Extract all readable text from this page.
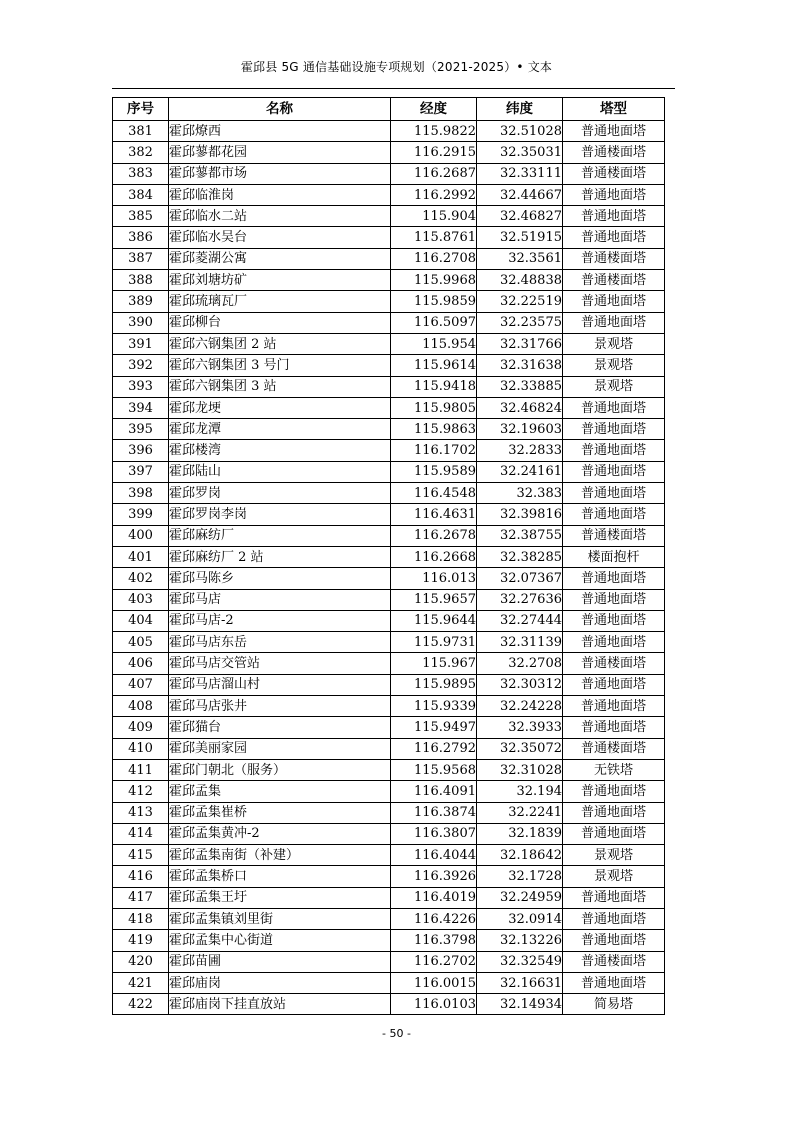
霍邱县 5G 通信基础设施专项规划（2021-2025）• 文本
序号	名称	经度	纬度	塔型
381	霍邱燎西	115.9822	32.51028	普通地面塔
382	霍邱蓼都花园	116.2915	32.35031	普通楼面塔
383	霍邱蓼都市场	116.2687	32.33111	普通楼面塔
384	霍邱临淮岗	116.2992	32.44667	普通地面塔
385	霍邱临水二站	115.904	32.46827	普通地面塔
386	霍邱临水吴台	115.8761	32.51915	普通地面塔
387	霍邱菱湖公寓	116.2708	32.3561	普通楼面塔
388	霍邱刘塘坊矿	115.9968	32.48838	普通楼面塔
389	霍邱琉璃瓦厂	115.9859	32.22519	普通地面塔
390	霍邱柳台	116.5097	32.23575	普通地面塔
391	霍邱六钢集团 2 站	115.954	32.31766	景观塔
392	霍邱六钢集团 3 号门	115.9614	32.31638	景观塔
393	霍邱六钢集团 3 站	115.9418	32.33885	景观塔
394	霍邱龙埂	115.9805	32.46824	普通地面塔
395	霍邱龙潭	115.9863	32.19603	普通地面塔
396	霍邱楼湾	116.1702	32.2833	普通地面塔
397	霍邱陆山	115.9589	32.24161	普通地面塔
398	霍邱罗岗	116.4548	32.383	普通地面塔
399	霍邱罗岗李岗	116.4631	32.39816	普通地面塔
400	霍邱麻纺厂	116.2678	32.38755	普通楼面塔
401	霍邱麻纺厂 2 站	116.2668	32.38285	楼面抱杆
402	霍邱马陈乡	116.013	32.07367	普通地面塔
403	霍邱马店	115.9657	32.27636	普通地面塔
404	霍邱马店-2	115.9644	32.27444	普通地面塔
405	霍邱马店东岳	115.9731	32.31139	普通地面塔
406	霍邱马店交管站	115.967	32.2708	普通楼面塔
407	霍邱马店溜山村	115.9895	32.30312	普通地面塔
408	霍邱马店张井	115.9339	32.24228	普通地面塔
409	霍邱猫台	115.9497	32.3933	普通地面塔
410	霍邱美丽家园	116.2792	32.35072	普通楼面塔
411	霍邱门朝北（服务）	115.9568	32.31028	无铁塔
412	霍邱孟集	116.4091	32.194	普通地面塔
413	霍邱孟集崔桥	116.3874	32.2241	普通地面塔
414	霍邱孟集黄冲-2	116.3807	32.1839	普通地面塔
415	霍邱孟集南街（补建）	116.4044	32.18642	景观塔
416	霍邱孟集桥口	116.3926	32.1728	景观塔
417	霍邱孟集王圩	116.4019	32.24959	普通地面塔
418	霍邱孟集镇刘里街	116.4226	32.0914	普通地面塔
419	霍邱孟集中心街道	116.3798	32.13226	普通地面塔
420	霍邱苗圃	116.2702	32.32549	普通楼面塔
421	霍邱庙岗	116.0015	32.16631	普通地面塔
422	霍邱庙岗下挂直放站	116.0103	32.14934	简易塔
- 50 -
